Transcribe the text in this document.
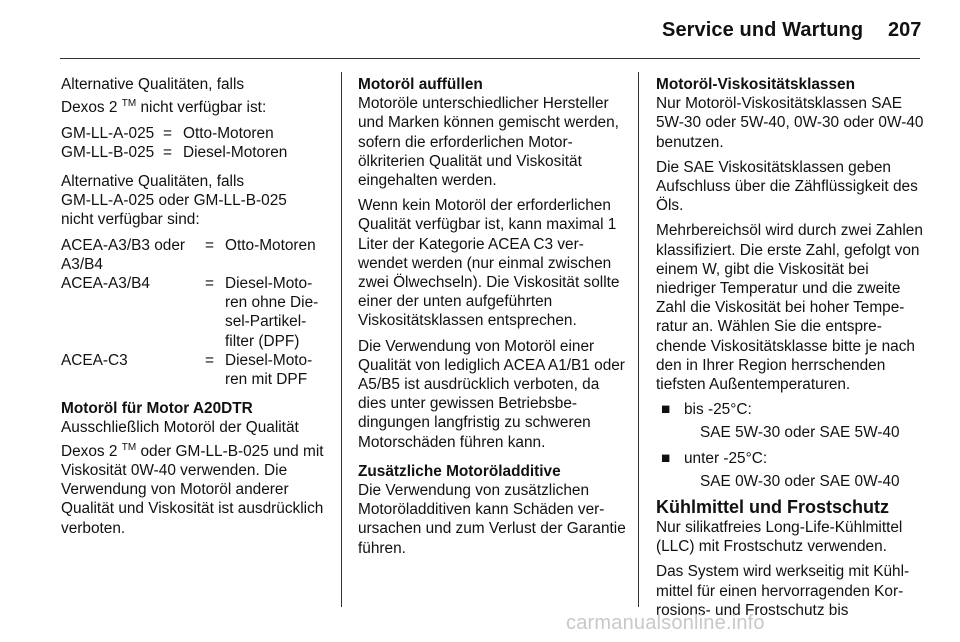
Service und Wartung 207

Alternative Qualitäten, falls
Dexos 2 ™ nicht verfügbar ist:

GM-LL-A-025	=	Otto-Motoren
GM-LL-B-025	=	Diesel-Motoren

Alternative Qualitäten, falls
GM-LL-A-025 oder GM-LL-B-025
nicht verfügbar sind:

ACEA-A3/B3 oder A3/B4	=	Otto-Motoren
ACEA-A3/B4	=	Diesel-Motoren ohne Diesel-Partikelfilter (DPF)
ACEA-C3	=	Diesel-Motoren mit DPF
Motoröl für Motor A20DTR

Ausschließlich Motoröl der Qualität Dexos 2 ™ oder GM-LL-B-025 und mit Viskosität 0W-40 verwenden. Die Verwendung von Motoröl anderer Qualität und Viskosität ist ausdrücklich verboten.

Motoröl auffüllen

Motoröle unterschiedlicher Hersteller und Marken können gemischt werden, sofern die erforderlichen Motorölkriterien Qualität und Viskosität eingehalten werden.

Wenn kein Motoröl der erforderlichen Qualität verfügbar ist, kann maximal 1 Liter der Kategorie ACEA C3 verwendet werden (nur einmal zwischen zwei Ölwechseln). Die Viskosität sollte einer der unten aufgeführten Viskositätsklassen entsprechen.

Die Verwendung von Motoröl einer Qualität von lediglich ACEA A1/B1 oder A5/B5 ist ausdrücklich verboten, da dies unter gewissen Betriebsbedingungen langfristig zu schweren Motorschäden führen kann.

Zusätzliche Motoröladditive

Die Verwendung von zusätzlichen Motoröladditiven kann Schäden verursachen und zum Verlust der Garantie führen.

Motoröl-Viskositätsklassen

Nur Motoröl-Viskositätsklassen SAE 5W-30 oder 5W-40, 0W-30 oder 0W-40 benutzen.

Die SAE Viskositätsklassen geben Aufschluss über die Zähflüssigkeit des Öls.

Mehrbereichsöl wird durch zwei Zahlen klassifiziert. Die erste Zahl, gefolgt von einem W, gibt die Viskosität bei niedriger Temperatur und die zweite Zahl die Viskosität bei hoher Temperatur an. Wählen Sie die entsprechende Viskositätsklasse bitte je nach den in Ihrer Region herrschenden tiefsten Außentemperaturen.

■ bis -25°C:
SAE 5W-30 oder SAE 5W-40
■ unter -25°C:
SAE 0W-30 oder SAE 0W-40
Kühlmittel und Frostschutz

Nur silikatfreies Long-Life-Kühlmittel (LLC) mit Frostschutz verwenden.

Das System wird werkseitig mit Kühlmittel für einen hervorragenden Korrosions- und Frostschutz bis

carmanualsonline.info
